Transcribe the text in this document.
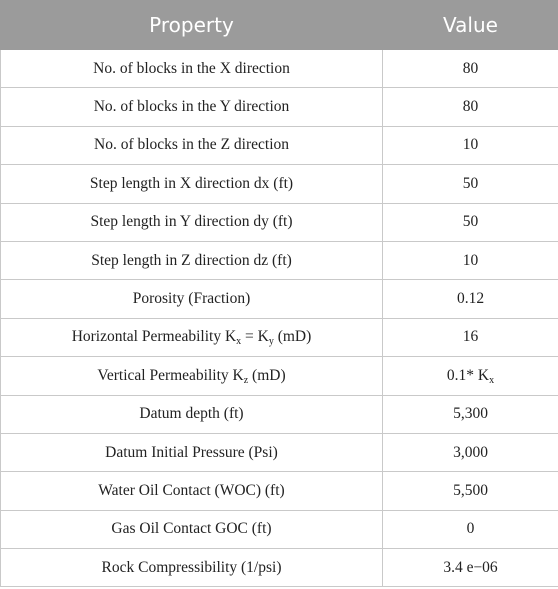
Property	Value
No. of blocks in the X direction	80
No. of blocks in the Y direction	80
No. of blocks in the Z direction	10
Step length in X direction dx (ft)	50
Step length in Y direction dy (ft)	50
Step length in Z direction dz (ft)	10
Porosity (Fraction)	0.12
Horizontal Permeability $K_x = K_y$ (mD)	16
Vertical Permeability $K_z$ (mD)	0.1* $K_x$
Datum depth (ft)	5,300
Datum Initial Pressure (Psi)	3,000
Water Oil Contact (WOC) (ft)	5,500
Gas Oil Contact GOC (ft)	0
Rock Compressibility (1/psi)	3.4 e−06
